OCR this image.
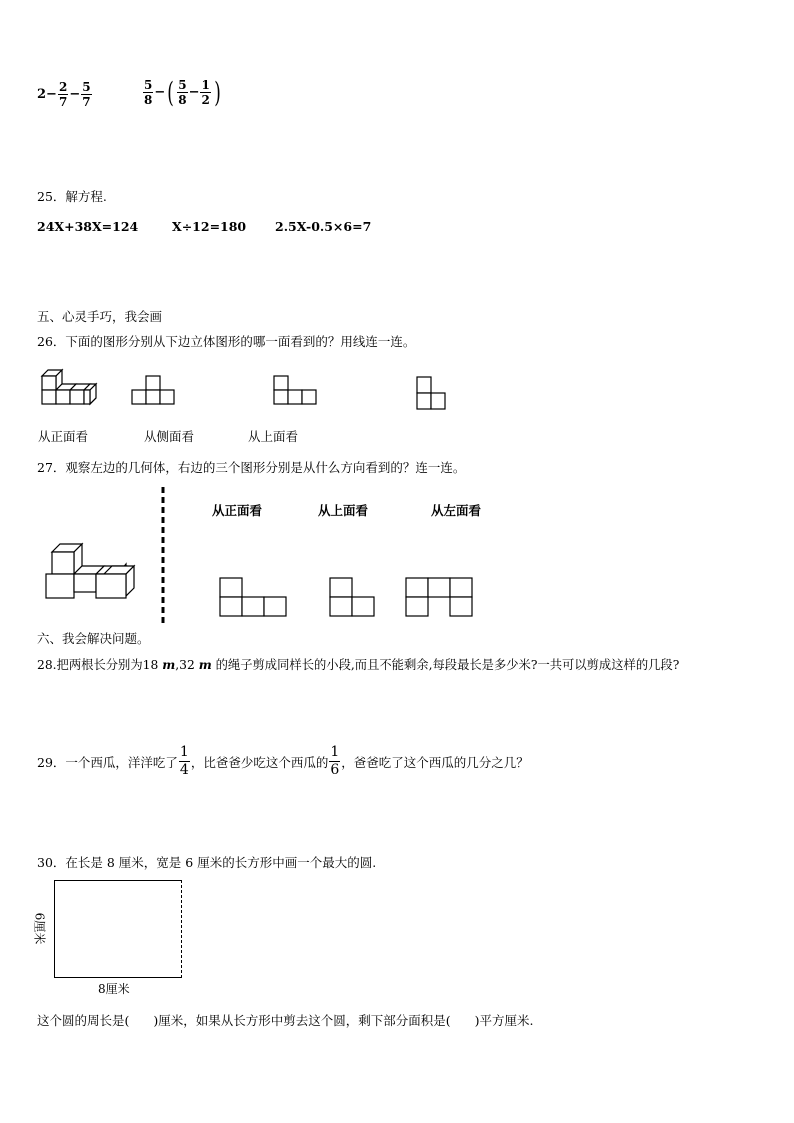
$2 - \frac{2}{7} - \frac{5}{7}$	$\frac{5}{8}$ − ( $\frac{5}{8} - \frac{1}{2}$ )
25．解方程.
24X+38X=124	X÷12=180 2.5X-0.5×6=7
五、心灵手巧，我会画
26．下面的图形分别从下边立体图形的哪一面看到的？用线连一连。
从正面看	从侧面看	从上面看
27．观察左边的几何体，右边的三个图形分别是从什么方向看到的？连一连。
从正面看	从上面看	从左面看
六、我会解决问题。
28.把两根长分别为18 m,32 m 的绳子剪成同样长的小段,而且不能剩余,每段最长是多少米?一共可以剪成这样的几段?
29．一个西瓜，洋洋吃了 $\frac{1}{4}$ ，比爸爸少吃这个西瓜的 $\frac{1}{6}$ ，爸爸吃了这个西瓜的几分之几？
30．在长是 8 厘米，宽是 6 厘米的长方形中画一个最大的圆.
6厘米
8厘米
这个圆的周长是( )厘米，如果从长方形中剪去这个圆，剩下部分面积是( )平方厘米.
